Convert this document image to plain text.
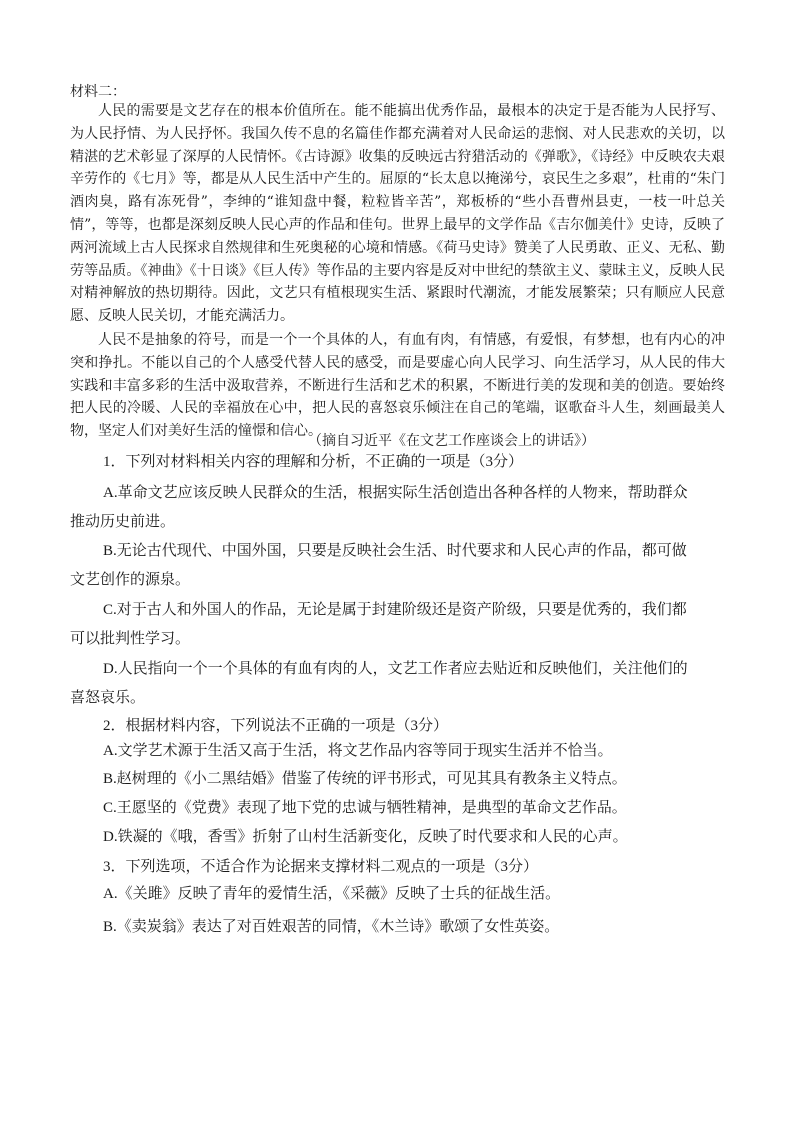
材料二：

人民的需要是文艺存在的根本价值所在。能不能搞出优秀作品，最根本的决定于是否能为人民抒写、为人民抒情、为人民抒怀。我国久传不息的名篇佳作都充满着对人民命运的悲悯、对人民悲欢的关切，以精湛的艺术彰显了深厚的人民情怀。《古诗源》收集的反映远古狩猎活动的《弹歌》，《诗经》中反映农夫艰辛劳作的《七月》等，都是从人民生活中产生的。屈原的“长太息以掩涕兮，哀民生之多艰”，杜甫的“朱门酒肉臭，路有冻死骨”，李绅的“谁知盘中餐，粒粒皆辛苦”，郑板桥的“些小吾曹州县吏，一枝一叶总关情”，等等，也都是深刻反映人民心声的作品和佳句。世界上最早的文学作品《吉尔伽美什》史诗，反映了两河流域上古人民探求自然规律和生死奥秘的心境和情感。《荷马史诗》赞美了人民勇敢、正义、无私、勤劳等品质。《神曲》《十日谈》《巨人传》等作品的主要内容是反对中世纪的禁欲主义、蒙昧主义，反映人民对精神解放的热切期待。因此，文艺只有植根现实生活、紧跟时代潮流，才能发展繁荣；只有顺应人民意愿、反映人民关切，才能充满活力。

人民不是抽象的符号，而是一个一个具体的人，有血有肉，有情感，有爱恨，有梦想，也有内心的冲突和挣扎。不能以自己的个人感受代替人民的感受，而是要虚心向人民学习、向生活学习，从人民的伟大实践和丰富多彩的生活中汲取营养，不断进行生活和艺术的积累，不断进行美的发现和美的创造。要始终把人民的冷暖、人民的幸福放在心中，把人民的喜怒哀乐倾注在自己的笔端，讴歌奋斗人生，刻画最美人物，坚定人们对美好生活的憧憬和信心。

（摘自习近平《在文艺工作座谈会上的讲话》）

1．下列对材料相关内容的理解和分析，不正确的一项是（3分）

A.革命文艺应该反映人民群众的生活，根据实际生活创造出各种各样的人物来，帮助群众
推动历史前进。

B.无论古代现代、中国外国，只要是反映社会生活、时代要求和人民心声的作品，都可做
文艺创作的源泉。

C.对于古人和外国人的作品，无论是属于封建阶级还是资产阶级，只要是优秀的，我们都
可以批判性学习。

D.人民指向一个一个具体的有血有肉的人，文艺工作者应去贴近和反映他们，关注他们的
喜怒哀乐。

2．根据材料内容，下列说法不正确的一项是（3分）

A.文学艺术源于生活又高于生活，将文艺作品内容等同于现实生活并不恰当。

B.赵树理的《小二黑结婚》借鉴了传统的评书形式，可见其具有教条主义特点。

C.王愿坚的《党费》表现了地下党的忠诚与牺牲精神，是典型的革命文艺作品。

D.铁凝的《哦，香雪》折射了山村生活新变化，反映了时代要求和人民的心声。

3．下列选项，不适合作为论据来支撑材料二观点的一项是（3分）

A.《关雎》反映了青年的爱情生活，《采薇》反映了士兵的征战生活。

B.《卖炭翁》表达了对百姓艰苦的同情，《木兰诗》歌颂了女性英姿。
